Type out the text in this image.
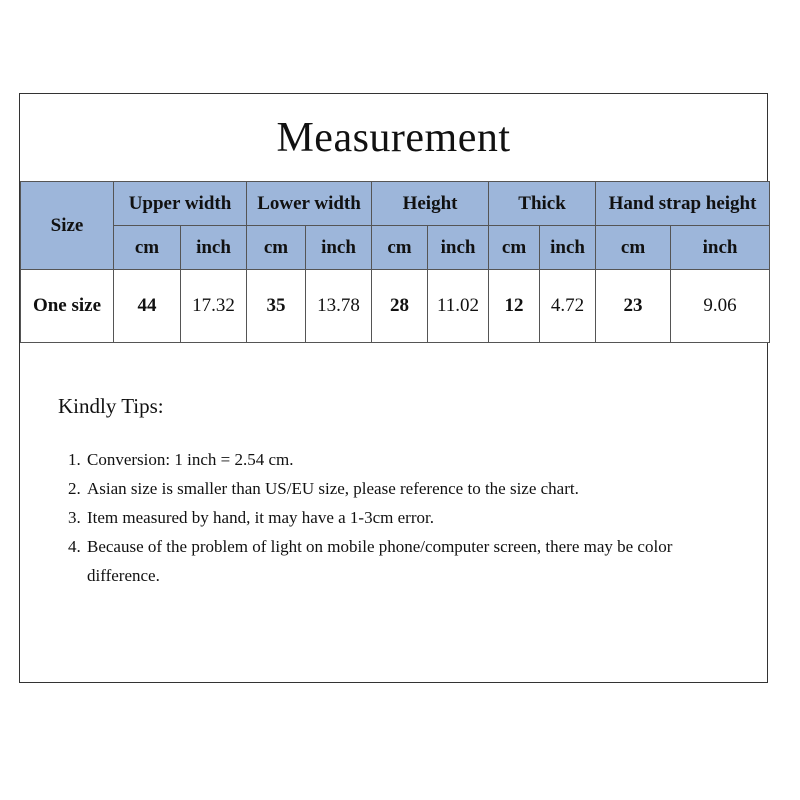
Measurement
Size	Upper width		Lower width		Height		Thick		Hand strap height	
	cm	inch	cm	inch	cm	inch	cm	inch	cm	inch
One size	44	17.32	35	13.78	28	11.02	12	4.72	23	9.06
Kindly Tips:
1. Conversion: 1 inch = 2.54 cm.
2. Asian size is smaller than US/EU size, please reference to the size chart.
3. Item measured by hand, it may have a 1-3cm error.
4. Because of the problem of light on mobile phone/computer screen, there may be color difference.
